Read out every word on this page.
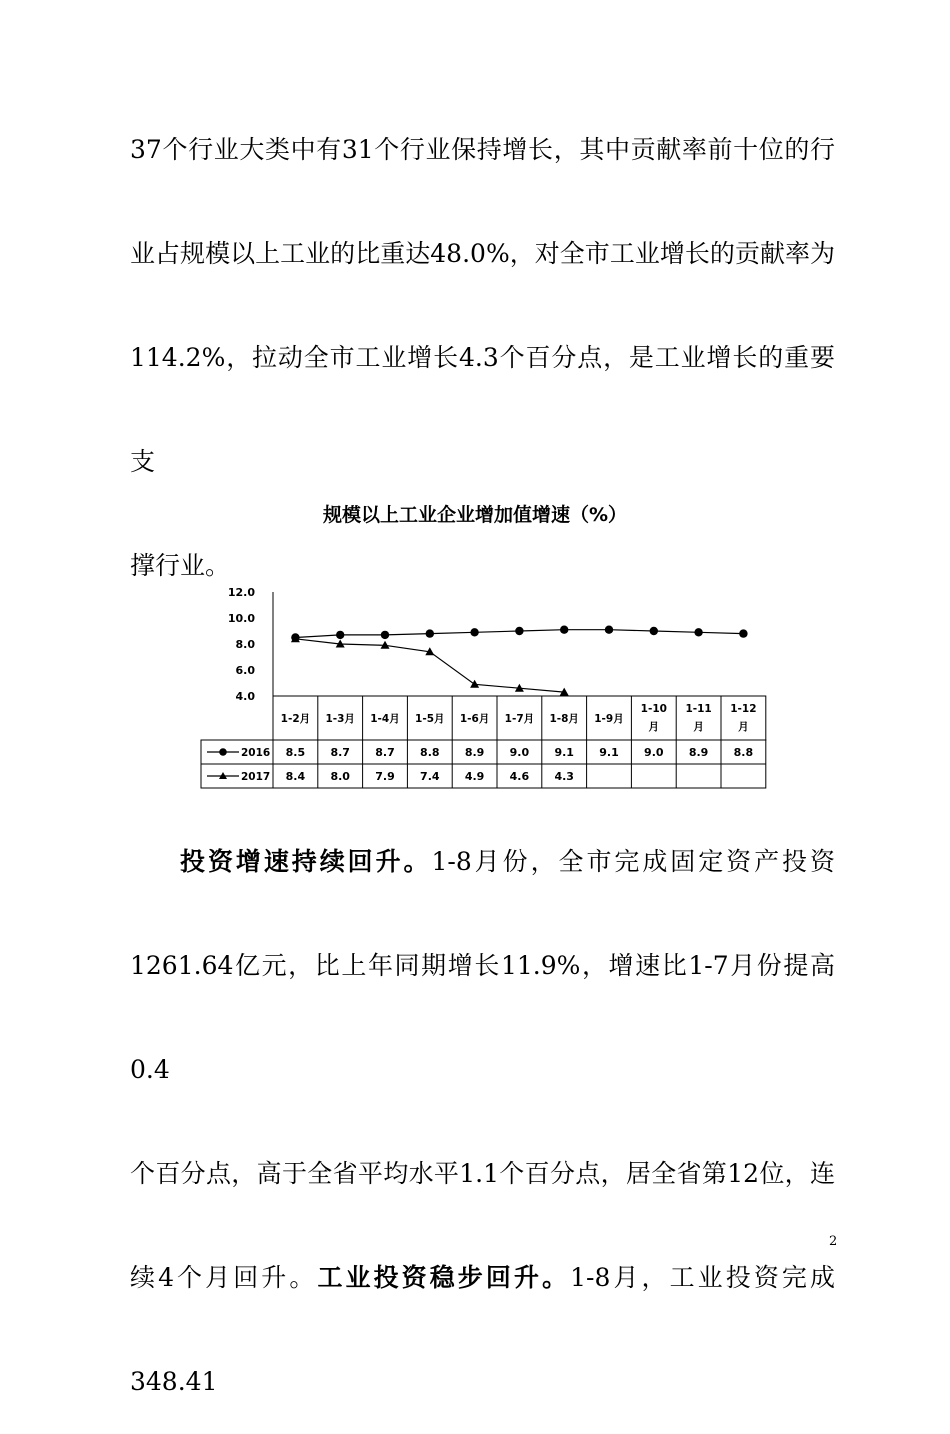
37个行业大类中有31个行业保持增长，其中贡献率前十位的行
业占规模以上工业的比重达48.0%，对全市工业增长的贡献率为
114.2%，拉动全市工业增长4.3个百分点，是工业增长的重要支
撑行业。
规模以上工业企业增加值增速（%）
12.0
10.0
8.0
6.0
4.0
1-2月 1-3月 1-4月 1-5月 1-6月 1-7月 1-8月 1-9月
1-10
月
1-11
月
1-12
月
2016 8.5 8.7 8.7 8.8 8.9 9.0 9.1 9.1 9.0 8.9 8.8
2017 8.4 8.0 7.9 7.4 4.9 4.6 4.3
投资增速持续回升。1-8月份，全市完成固定资产投资
1261.64亿元，比上年同期增长11.9%，增速比1-7月份提高0.4
个百分点，高于全省平均水平1.1个百分点，居全省第12位，连
续4个月回升。工业投资稳步回升。1-8月，工业投资完成348.41
2
